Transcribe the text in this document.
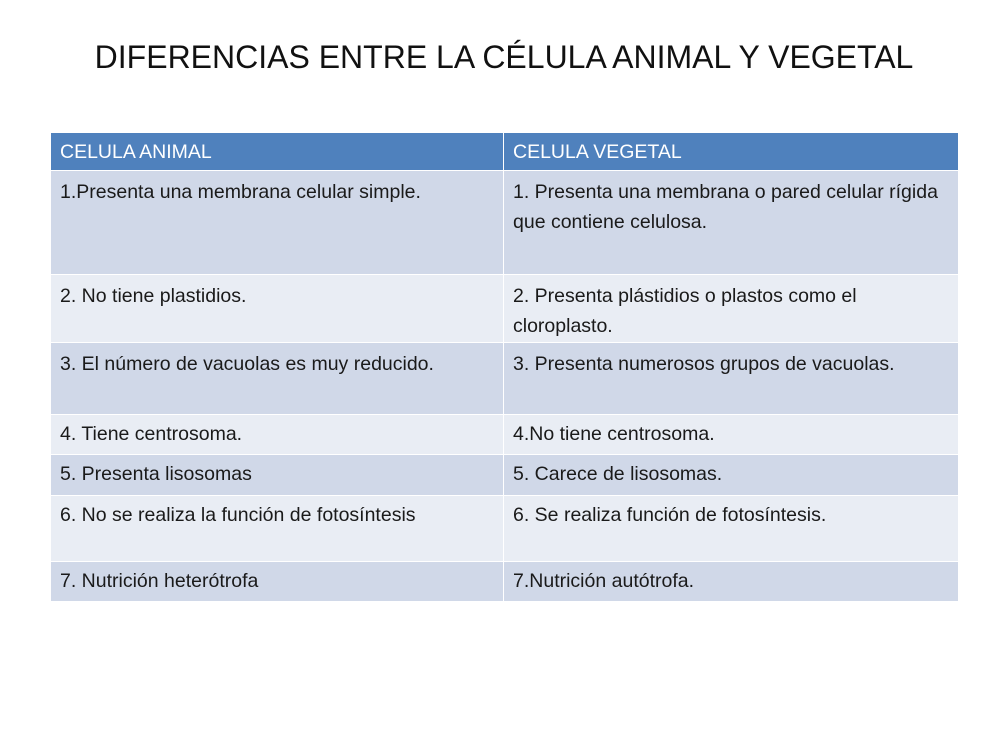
DIFERENCIAS ENTRE LA CÉLULA ANIMAL Y VEGETAL
CELULA ANIMAL	CELULA VEGETAL
1.Presenta una membrana celular simple.	1. Presenta una membrana o pared celular rígida que contiene celulosa.
2. No tiene plastidios.	2. Presenta plástidios o plastos como el cloroplasto.
3. El número de vacuolas es muy reducido.	3. Presenta numerosos grupos de vacuolas.
4. Tiene centrosoma.	4.No tiene centrosoma.
5. Presenta lisosomas	5. Carece de lisosomas.
6. No se realiza la función de fotosíntesis	6. Se realiza función de fotosíntesis.
7. Nutrición heterótrofa	7.Nutrición autótrofa.
